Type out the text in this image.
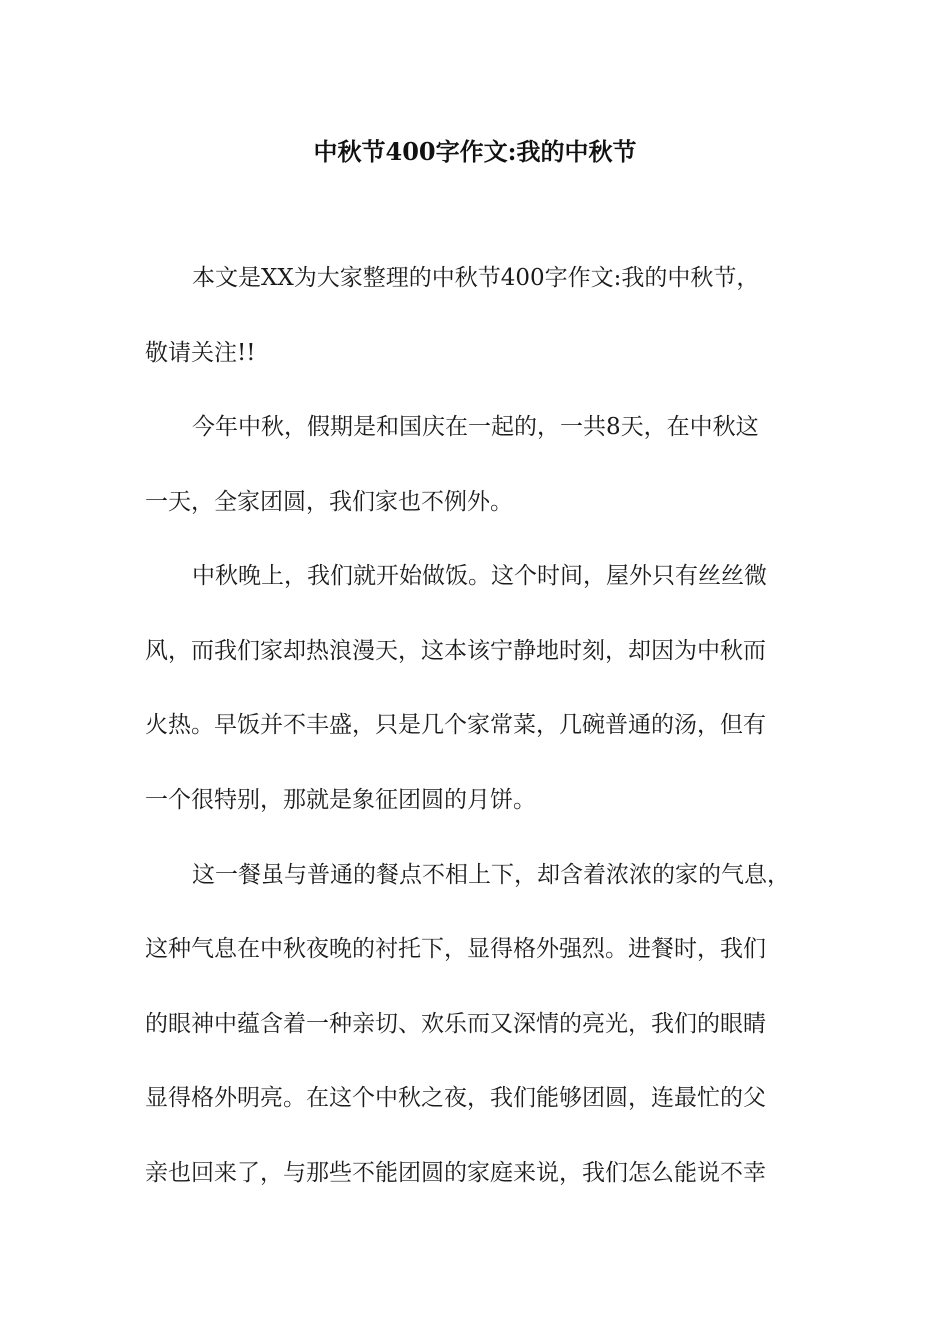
中秋节400字作文:我的中秋节

本文是XX为大家整理的中秋节400字作文:我的中秋节，

敬请关注!!

今年中秋，假期是和国庆在一起的，一共8天，在中秋这

一天，全家团圆，我们家也不例外。

中秋晚上，我们就开始做饭。这个时间，屋外只有丝丝微

风，而我们家却热浪漫天，这本该宁静地时刻，却因为中秋而

火热。早饭并不丰盛，只是几个家常菜，几碗普通的汤，但有

一个很特别，那就是象征团圆的月饼。

这一餐虽与普通的餐点不相上下，却含着浓浓的家的气息，

这种气息在中秋夜晚的衬托下，显得格外强烈。进餐时，我们

的眼神中蕴含着一种亲切、欢乐而又深情的亮光，我们的眼睛

显得格外明亮。在这个中秋之夜，我们能够团圆，连最忙的父

亲也回来了，与那些不能团圆的家庭来说，我们怎么能说不幸
